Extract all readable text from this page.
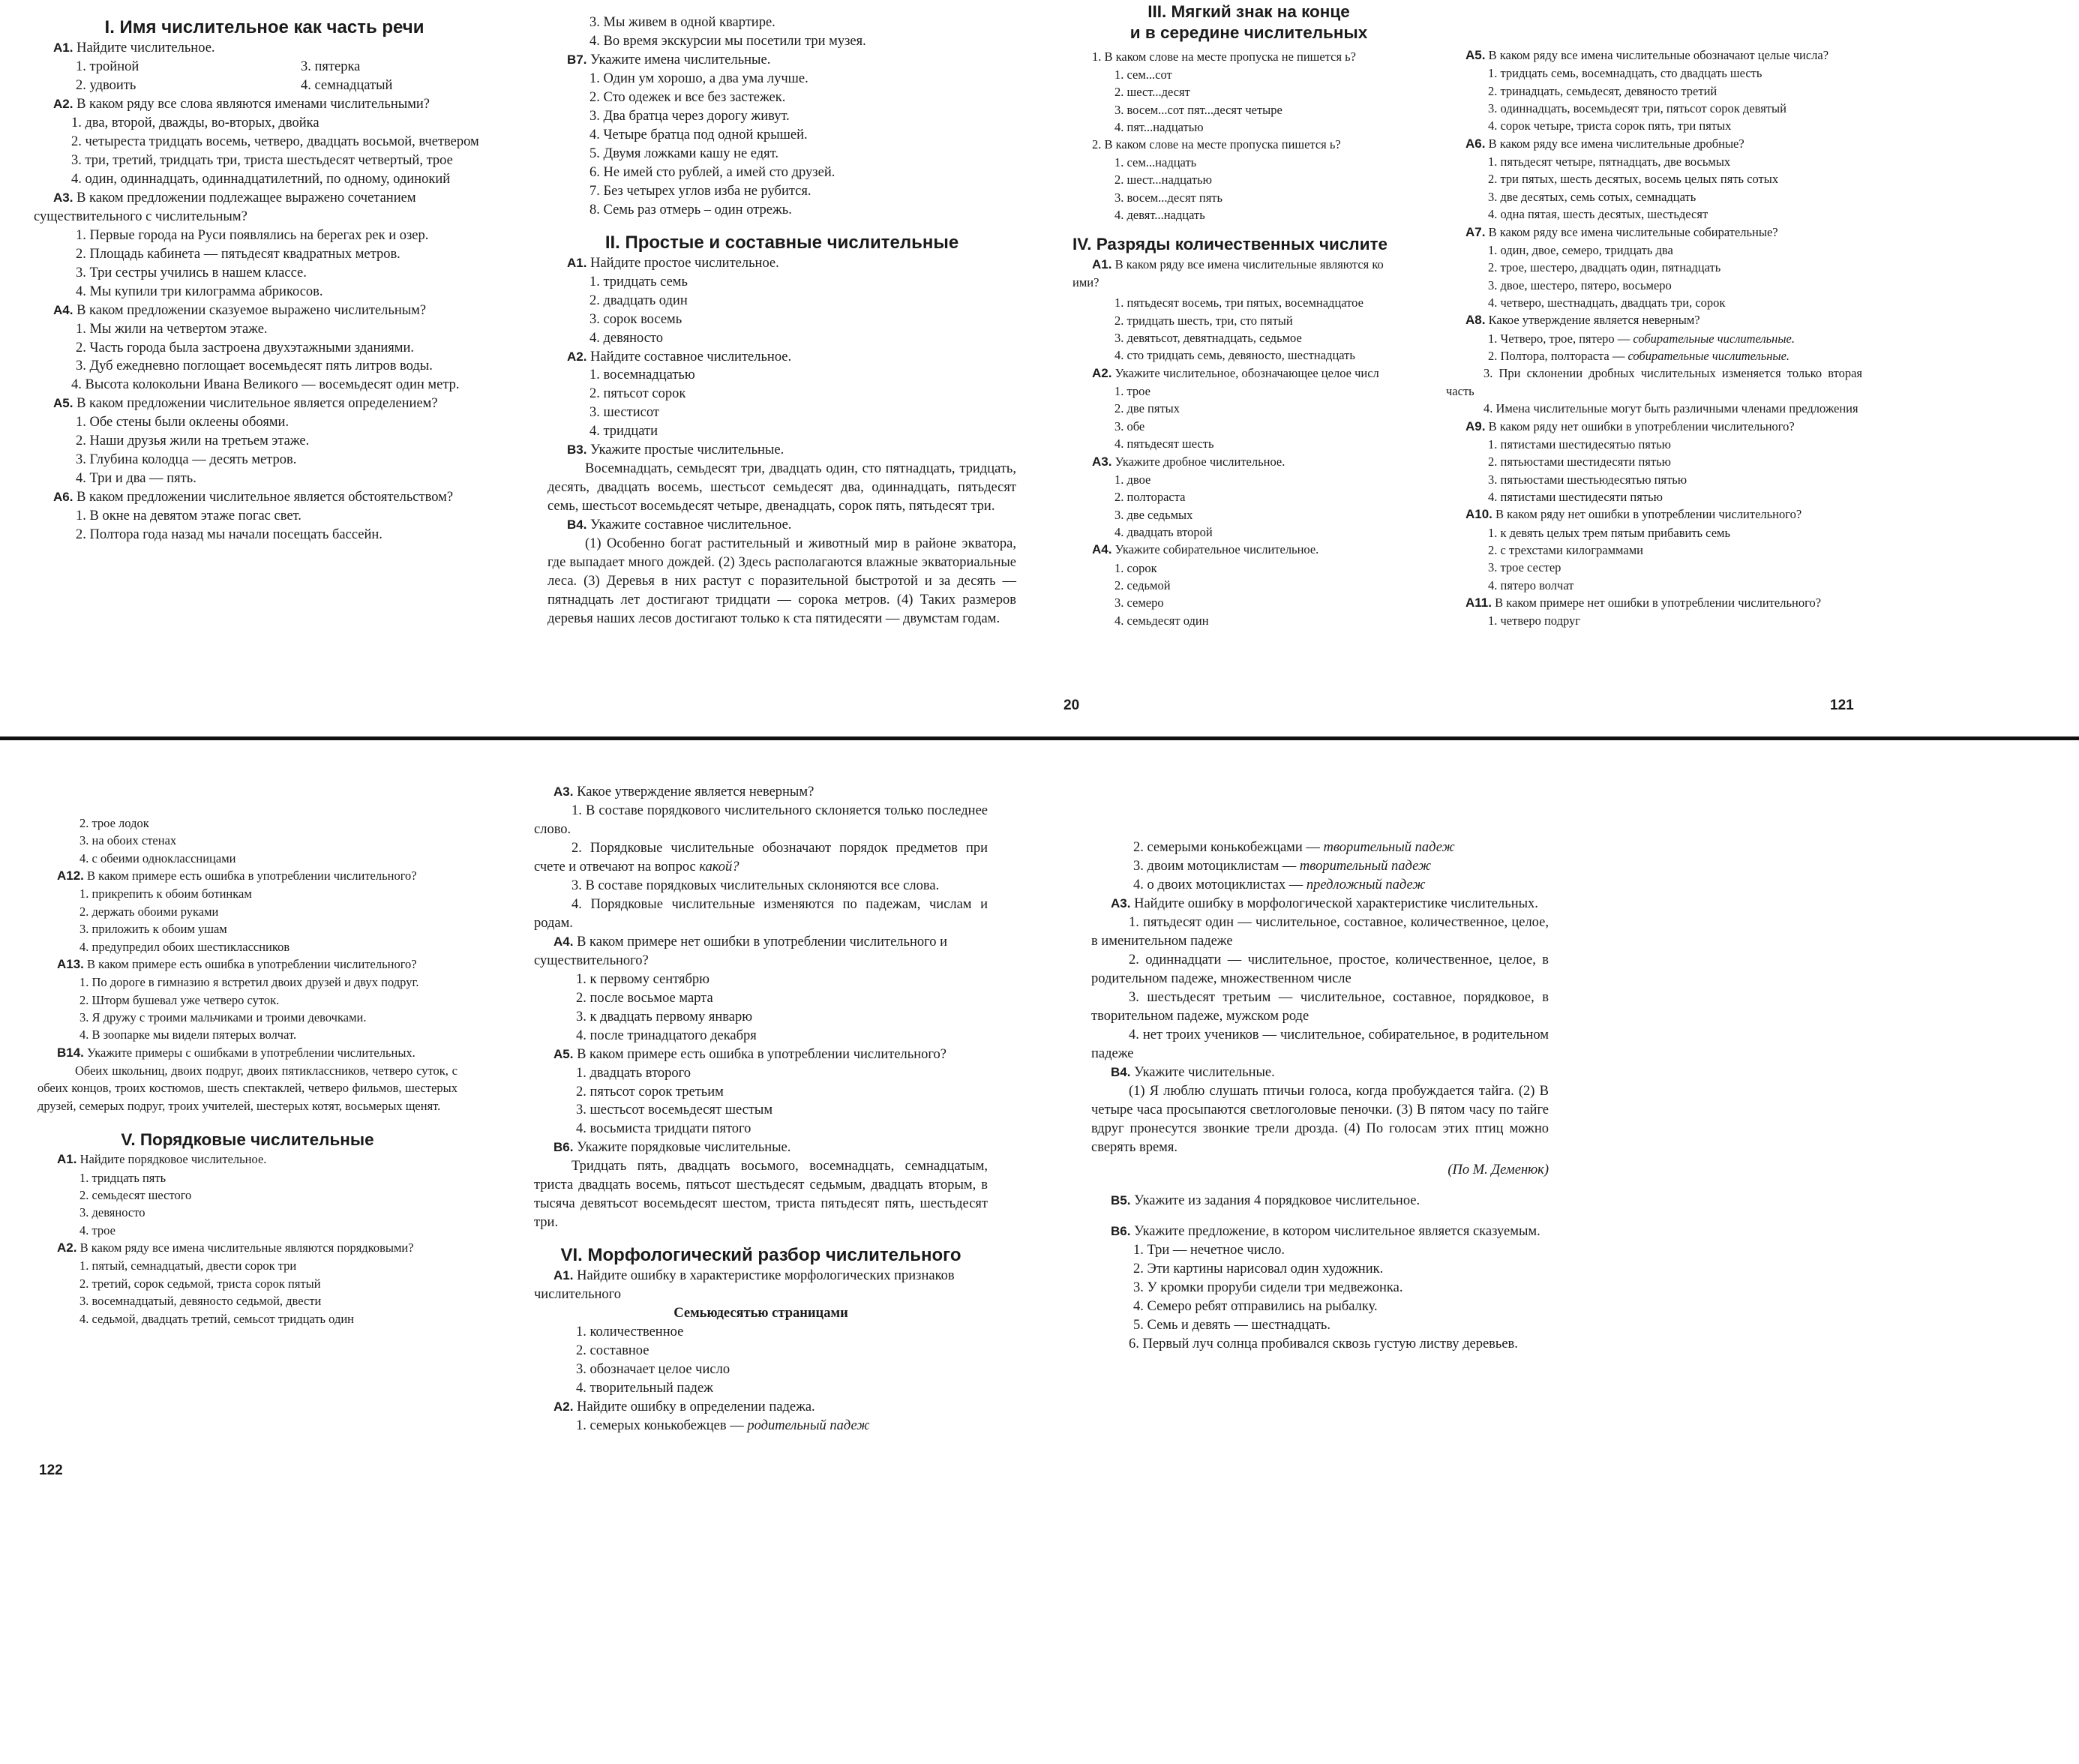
I. Имя числительное как часть речи

А1. Найдите числительное.

1. тройной	3. пятерка
2. удвоить	4. семнадцатый

А2. В каком ряду все слова являются именами числительными?

1. два, второй, дважды, во-вторых, двойка

2. четыреста тридцать восемь, четверо, двадцать восьмой, вчетвером

3. три, третий, тридцать три, триста шестьдесят четвертый, трое

4. один, одиннадцать, одиннадцатилетний, по одному, одинокий

А3. В каком предложении подлежащее выражено сочетанием существительного с числительным?

1. Первые города на Руси появлялись на берегах рек и озер.

2. Площадь кабинета — пятьдесят квадратных метров.

3. Три сестры учились в нашем классе.

4. Мы купили три килограмма абрикосов.

А4. В каком предложении сказуемое выражено числительным?

1. Мы жили на четвертом этаже.

2. Часть города была застроена двухэтажными зданиями.

3. Дуб ежедневно поглощает восемьдесят пять литров воды.

4. Высота колокольни Ивана Великого — восемьдесят один метр.

А5. В каком предложении числительное является определением?

1. Обе стены были оклеены обоями.

2. Наши друзья жили на третьем этаже.

3. Глубина колодца — десять метров.

4. Три и два — пять.

А6. В каком предложении числительное является обстоятельством?

1. В окне на девятом этаже погас свет.

2. Полтора года назад мы начали посещать бассейн.

3. Мы живем в одной квартире.

4. Во время экскурсии мы посетили три музея.

В7. Укажите имена числительные.

1. Один ум хорошо, а два ума лучше.

2. Сто одежек и все без застежек.

3. Два братца через дорогу живут.

4. Четыре братца под одной крышей.

5. Двумя ложками кашу не едят.

6. Не имей сто рублей, а имей сто друзей.

7. Без четырех углов изба не рубится.

8. Семь раз отмерь – один отрежь.

II. Простые и составные числительные

А1. Найдите простое числительное.

1. тридцать семь

2. двадцать один

3. сорок восемь

4. девяносто

А2. Найдите составное числительное.

1. восемнадцатью

2. пятьсот сорок

3. шестисот

4. тридцати

В3. Укажите простые числительные.

Восемнадцать, семьдесят три, двадцать один, сто пятнадцать, тридцать, десять, двадцать восемь, шестьсот семьдесят два, одиннадцать, пятьдесят семь, шестьсот восемьдесят четыре, двенадцать, сорок пять, пятьдесят три.

В4. Укажите составное числительное.

(1) Особенно богат растительный и животный мир в районе экватора, где выпадает много дождей. (2) Здесь располагаются влажные экваториальные леса. (3) Деревья в них растут с поразительной быстротой и за десять — пятнадцать лет достигают тридцати — сорока метров. (4) Таких размеров деревья наших лесов достигают только к ста пятидесяти — двумстам годам.

III. Мягкий знак на конце
и в середине числительных

1. В каком слове на месте пропуска не пишется ь?

1. сем...сот

2. шест...десят

3. восем...сот пят...десят четыре

4. пят...надцатью

2. В каком слове на месте пропуска пишется ь?

1. сем...надцать

2. шест...надцатью

3. восем...десят пять

4. девят...надцать

IV. Разряды количественных числите

А1. В каком ряду все имена числительные являются ко

ими?

1. пятьдесят восемь, три пятых, восемнадцатое

2. тридцать шесть, три, сто пятый

3. девятьсот, девятнадцать, седьмое

4. сто тридцать семь, девяносто, шестнадцать

А2. Укажите числительное, обозначающее целое числ

1. трое

2. две пятых

3. обе

4. пятьдесят шесть

А3. Укажите дробное числительное.

1. двое

2. полтораста

3. две седьмых

4. двадцать второй

А4. Укажите собирательное числительное.

1. сорок

2. седьмой

3. семеро

4. семьдесят один

20

А5. В каком ряду все имена числительные обозначают целые числа?

1. тридцать семь, восемнадцать, сто двадцать шесть

2. тринадцать, семьдесят, девяносто третий

3. одиннадцать, восемьдесят три, пятьсот сорок девятый

4. сорок четыре, триста сорок пять, три пятых

А6. В каком ряду все имена числительные дробные?

1. пятьдесят четыре, пятнадцать, две восьмых

2. три пятых, шесть десятых, восемь целых пять сотых

3. две десятых, семь сотых, семнадцать

4. одна пятая, шесть десятых, шестьдесят

А7. В каком ряду все имена числительные собирательные?

1. один, двое, семеро, тридцать два

2. трое, шестеро, двадцать один, пятнадцать

3. двое, шестеро, пятеро, восьмеро

4. четверо, шестнадцать, двадцать три, сорок

А8. Какое утверждение является неверным?

1. Четверо, трое, пятеро — собирательные числительные.

2. Полтора, полтораста — собирательные числительные.

3. При склонении дробных числительных изменяется только вторая часть

4. Имена числительные могут быть различными членами предложения

А9. В каком ряду нет ошибки в употреблении числительного?

1. пятистами шестидесятью пятью

2. пятьюстами шестидесяти пятью

3. пятьюстами шестьюдесятью пятью

4. пятистами шестидесяти пятью

А10. В каком ряду нет ошибки в употреблении числительного?

1. к девять целых трем пятым прибавить семь

2. с трехстами килограммами

3. трое сестер

4. пятеро волчат

А11. В каком примере нет ошибки в употреблении числительного?

1. четверо подруг

121

2. трое лодок

3. на обоих стенах

4. с обеими одноклассницами

А12. В каком примере есть ошибка в употреблении числительного?

1. прикрепить к обоим ботинкам

2. держать обоими руками

3. приложить к обоим ушам

4. предупредил обоих шестиклассников

А13. В каком примере есть ошибка в употреблении числительного?

1. По дороге в гимназию я встретил двоих друзей и двух подруг.

2. Шторм бушевал уже четверо суток.

3. Я дружу с троими мальчиками и троими девочками.

4. В зоопарке мы видели пятерых волчат.

В14. Укажите примеры с ошибками в употреблении числительных.

Обеих школьниц, двоих подруг, двоих пятиклассников, четверо суток, с обеих концов, троих костюмов, шесть спектаклей, четверо фильмов, шестерых друзей, семерых подруг, троих учителей, шестерых котят, восьмерых щенят.

V. Порядковые числительные

А1. Найдите порядковое числительное.

1. тридцать пять

2. семьдесят шестого

3. девяносто

4. трое

А2. В каком ряду все имена числительные являются порядковыми?

1. пятый, семнадцатый, двести сорок три

2. третий, сорок седьмой, триста сорок пятый

3. восемнадцатый, девяносто седьмой, двести

4. седьмой, двадцать третий, семьсот тридцать один

122

А3. Какое утверждение является неверным?

1. В составе порядкового числительного склоняется только последнее слово.

2. Порядковые числительные обозначают порядок предметов при счете и отвечают на вопрос какой?

3. В составе порядковых числительных склоняются все слова.

4. Порядковые числительные изменяются по падежам, числам и родам.

А4. В каком примере нет ошибки в употреблении числительного и существительного?

1. к первому сентябрю

2. после восьмое марта

3. к двадцать первому январю

4. после тринадцатого декабря

А5. В каком примере есть ошибка в употреблении числительного?

1. двадцать второго

2. пятьсот сорок третьим

3. шестьсот восемьдесят шестым

4. восьмиста тридцати пятого

В6. Укажите порядковые числительные.

Тридцать пять, двадцать восьмого, восемнадцать, семнадцатым, триста двадцать восемь, пятьсот шестьдесят седьмым, двадцать вторым, в тысяча девятьсот восемьдесят шестом, триста пятьдесят пять, шестьдесят три.

VI. Морфологический разбор числительного

А1. Найдите ошибку в характеристике морфологических признаков числительного

Семьюдесятью страницами

1. количественное

2. составное

3. обозначает целое число

4. творительный падеж

А2. Найдите ошибку в определении падежа.

1. семерых конькобежцев — родительный падеж

2. семерыми конькобежцами — творительный падеж

3. двоим мотоциклистам — творительный падеж

4. о двоих мотоциклистах — предложный падеж

А3. Найдите ошибку в морфологической характеристике числительных.

1. пятьдесят один — числительное, составное, количественное, целое, в именительном падеже

2. одиннадцати — числительное, простое, количественное, целое, в родительном падеже, множественном числе

3. шестьдесят третьим — числительное, составное, порядковое, в творительном падеже, мужском роде

4. нет троих учеников — числительное, собирательное, в родительном падеже

В4. Укажите числительные.

(1) Я люблю слушать птичьи голоса, когда пробуждается тайга. (2) В четыре часа просыпаются светлоголовые пеночки. (3) В пятом часу по тайге вдруг пронесутся звонкие трели дрозда. (4) По голосам этих птиц можно сверять время.

(По М. Деменюк)

В5. Укажите из задания 4 порядковое числительное.

В6. Укажите предложение, в котором числительное является сказуемым.

1. Три — нечетное число.

2. Эти картины нарисовал один художник.

3. У кромки проруби сидели три медвежонка.

4. Семеро ребят отправились на рыбалку.

5. Семь и девять — шестнадцать.

6. Первый луч солнца пробивался сквозь густую листву деревьев.
